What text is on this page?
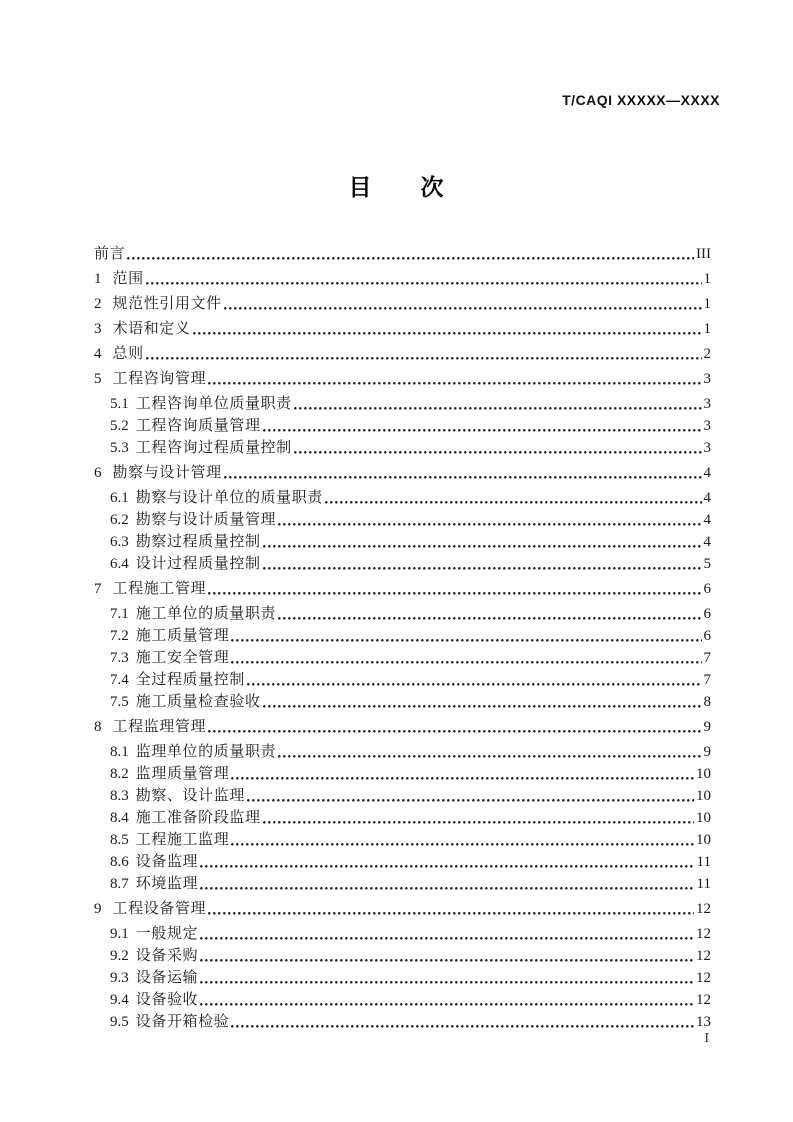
T/CAQI XXXXX—XXXX
目　　次
前言	III
1 范围	1
2 规范性引用文件	1
3 术语和定义	1
4 总则	2
5 工程咨询管理	3
5.1 工程咨询单位质量职责	3
5.2 工程咨询质量管理	3
5.3 工程咨询过程质量控制	3
6 勘察与设计管理	4
6.1 勘察与设计单位的质量职责	4
6.2 勘察与设计质量管理	4
6.3 勘察过程质量控制	4
6.4 设计过程质量控制	5
7 工程施工管理	6
7.1 施工单位的质量职责	6
7.2 施工质量管理	6
7.3 施工安全管理	7
7.4 全过程质量控制	7
7.5 施工质量检查验收	8
8 工程监理管理	9
8.1 监理单位的质量职责	9
8.2 监理质量管理	10
8.3 勘察、设计监理	10
8.4 施工准备阶段监理	10
8.5 工程施工监理	10
8.6 设备监理	11
8.7 环境监理	11
9 工程设备管理	12
9.1 一般规定	12
9.2 设备采购	12
9.3 设备运输	12
9.4 设备验收	12
9.5 设备开箱检验	13
I
